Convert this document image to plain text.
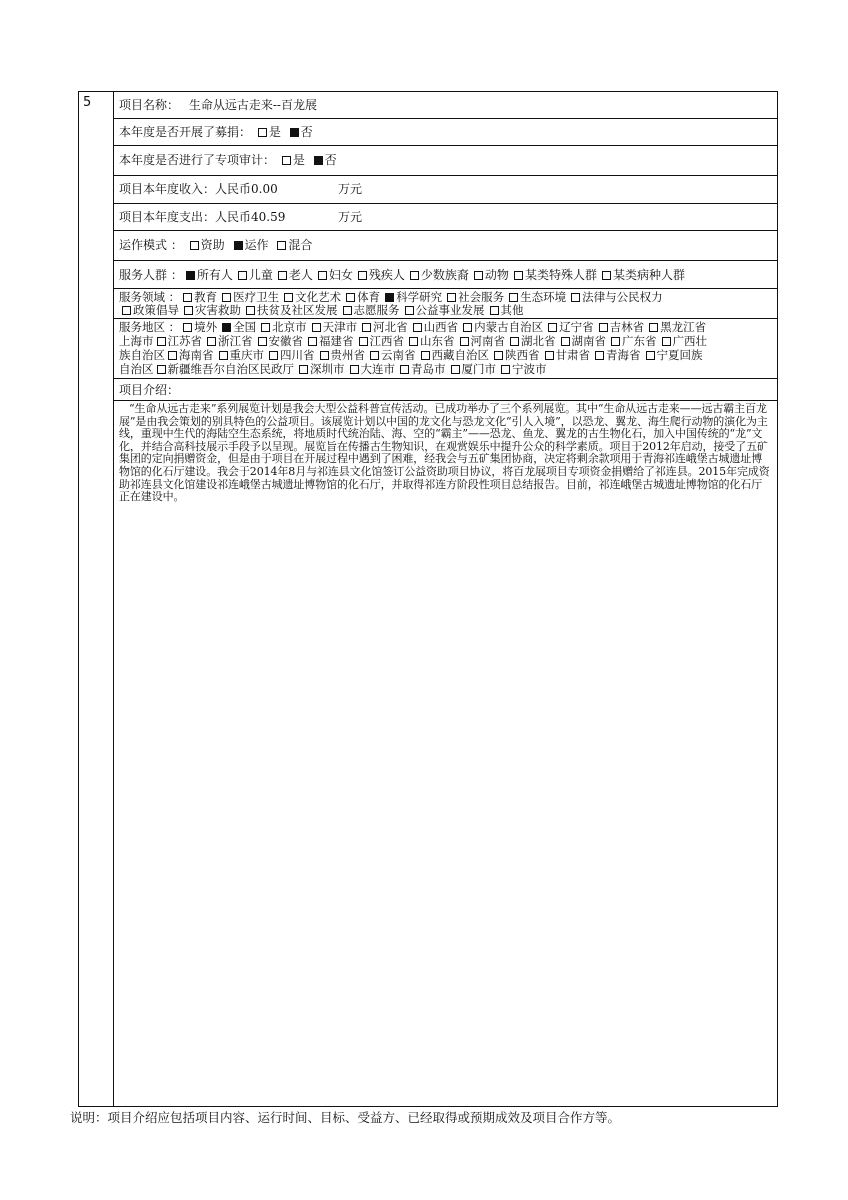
5	项目名称： 生命从远古走来--百龙展
本年度是否开展了募捐： 是 否
本年度是否进行了专项审计： 是 否
项目本年度收入：人民币0.00	万元
项目本年度支出：人民币40.59	万元
运作模式 ： 资助 运作 混合
服务人群 ： 所有人 儿童 老人 妇女 残疾人 少数族裔 动物 某类特殊人群 某类病种人群
服务领域 ： 教育 医疗卫生 文化艺术 体育 科学研究 社会服务 生态环境 法律与公民权力
政策倡导 灾害救助 扶贫及社区发展 志愿服务 公益事业发展 其他
服务地区 ： 境外 全国 北京市 天津市 河北省 山西省 内蒙古自治区 辽宁省 吉林省 黑龙江省
上海市 江苏省 浙江省 安徽省 福建省 江西省 山东省 河南省 湖北省 湖南省 广东省 广西壮
族自治区 海南省 重庆市 四川省 贵州省 云南省 西藏自治区 陕西省 甘肃省 青海省 宁夏回族
自治区 新疆维吾尔自治区民政厅 深圳市 大连市 青岛市 厦门市 宁波市
项目介绍：
“生命从远古走来”系列展览计划是我会大型公益科普宣传活动。已成功举办了三个系列展览。其中“生命从远古走来——远古霸主百龙展”是由我会策划的别具特色的公益项目。该展览计划以中国的龙文化与恐龙文化“引人入境”，以恐龙、翼龙、海生爬行动物的演化为主线，重现中生代的海陆空生态系统，将地质时代统治陆、海、空的“霸主”——恐龙、鱼龙、翼龙的古生物化石，加入中国传统的“龙”文化，并结合高科技展示手段予以呈现。展览旨在传播古生物知识，在观赏娱乐中提升公众的科学素质。项目于2012年启动，接受了五矿集团的定向捐赠资金，但是由于项目在开展过程中遇到了困难，经我会与五矿集团协商，决定将剩余款项用于青海祁连峨堡古城遗址博物馆的化石厅建设。我会于2014年8月与祁连县文化馆签订公益资助项目协议，将百龙展项目专项资金捐赠给了祁连县。2015年完成资助祁连县文化馆建设祁连峨堡古城遗址博物馆的化石厅，并取得祁连方阶段性项目总结报告。目前，祁连峨堡古城遗址博物馆的化石厅正在建设中。
说明：项目介绍应包括项目内容、运行时间、目标、受益方、已经取得或预期成效及项目合作方等。
